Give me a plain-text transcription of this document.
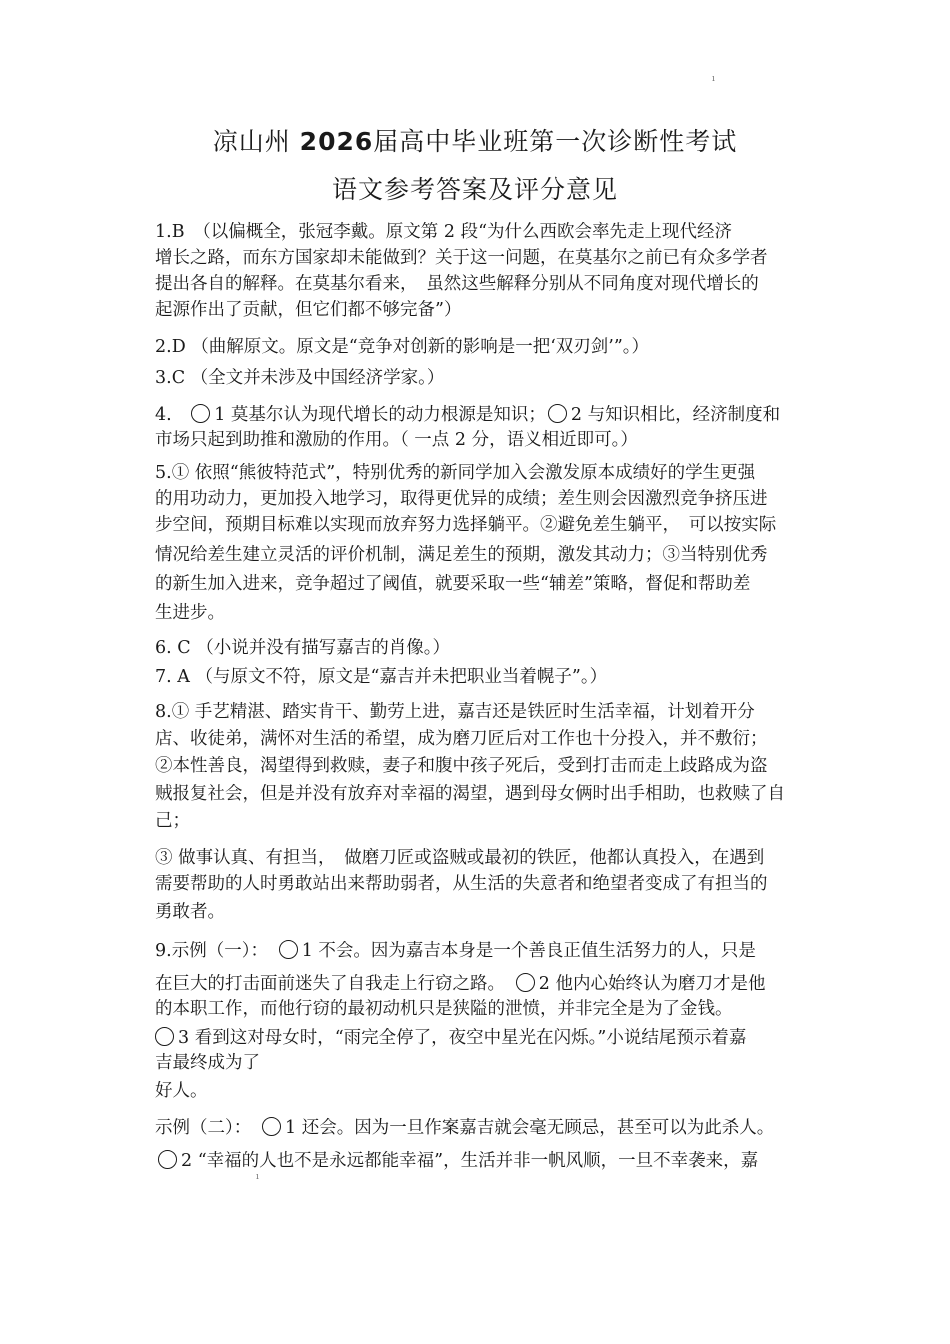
ı
凉山州 2026届高中毕业班第一次诊断性考试
语文参考答案及评分意见
1.B　（以偏概全，张冠李戴。原文第 2 段“为什么西欧会率先走上现代经济
增长之路，而东方国家却未能做到？关于这一问题，在莫基尔之前已有众多学者
提出各自的解释。在莫基尔看来，　虽然这些解释分别从不同角度对现代增长的
起源作出了贡献，但它们都不够完备”）
2.D （曲解原文。原文是“竞争对创新的影响是一把‘双刃剑’”。）
3.C （全文并未涉及中国经济学家。）
4.　1 莫基尔认为现代增长的动力根源是知识； 2 与知识相比，经济制度和
市场只起到助推和激励的作用。（ 一点 2 分，语义相近即可。）
5.① 依照“熊彼特范式”，特别优秀的新同学加入会激发原本成绩好的学生更强
的用功动力，更加投入地学习，取得更优异的成绩；差生则会因激烈竞争挤压进
步空间，预期目标难以实现而放弃努力选择躺平。②避免差生躺平，　可以按实际
情况给差生建立灵活的评价机制，满足差生的预期，激发其动力；③当特别优秀
的新生加入进来，竞争超过了阈值，就要采取一些“辅差”策略，督促和帮助差
生进步。
6. C （小说并没有描写嘉吉的肖像。）
7. A （与原文不符，原文是“嘉吉并未把职业当着幌子”。）
8.① 手艺精湛、踏实肯干、勤劳上进，嘉吉还是铁匠时生活幸福，计划着开分
店、收徒弟，满怀对生活的希望，成为磨刀匠后对工作也十分投入，并不敷衍；
②本性善良，渴望得到救赎，妻子和腹中孩子死后，受到打击而走上歧路成为盗
贼报复社会，但是并没有放弃对幸福的渴望，遇到母女俩时出手相助，也救赎了自
己；
③ 做事认真、有担当，　做磨刀匠或盗贼或最初的铁匠，他都认真投入，在遇到
需要帮助的人时勇敢站出来帮助弱者，从生活的失意者和绝望者变成了有担当的
勇敢者。
9.示例（一）：　1 不会。因为嘉吉本身是一个善良正值生活努力的人，只是
在巨大的打击面前迷失了自我走上行窃之路。　2 他内心始终认为磨刀才是他
的本职工作，而他行窃的最初动机只是狭隘的泄愤，并非完全是为了金钱。
3 看到这对母女时，“雨完全停了，夜空中星光在闪烁。”小说结尾预示着嘉
吉最终成为了
好人。
示例（二）：　1 还会。因为一旦作案嘉吉就会毫无顾忌，甚至可以为此杀人。
2 “幸福的人也不是永远都能幸福”，生活并非一帆风顺，一旦不幸袭来，嘉
ı
